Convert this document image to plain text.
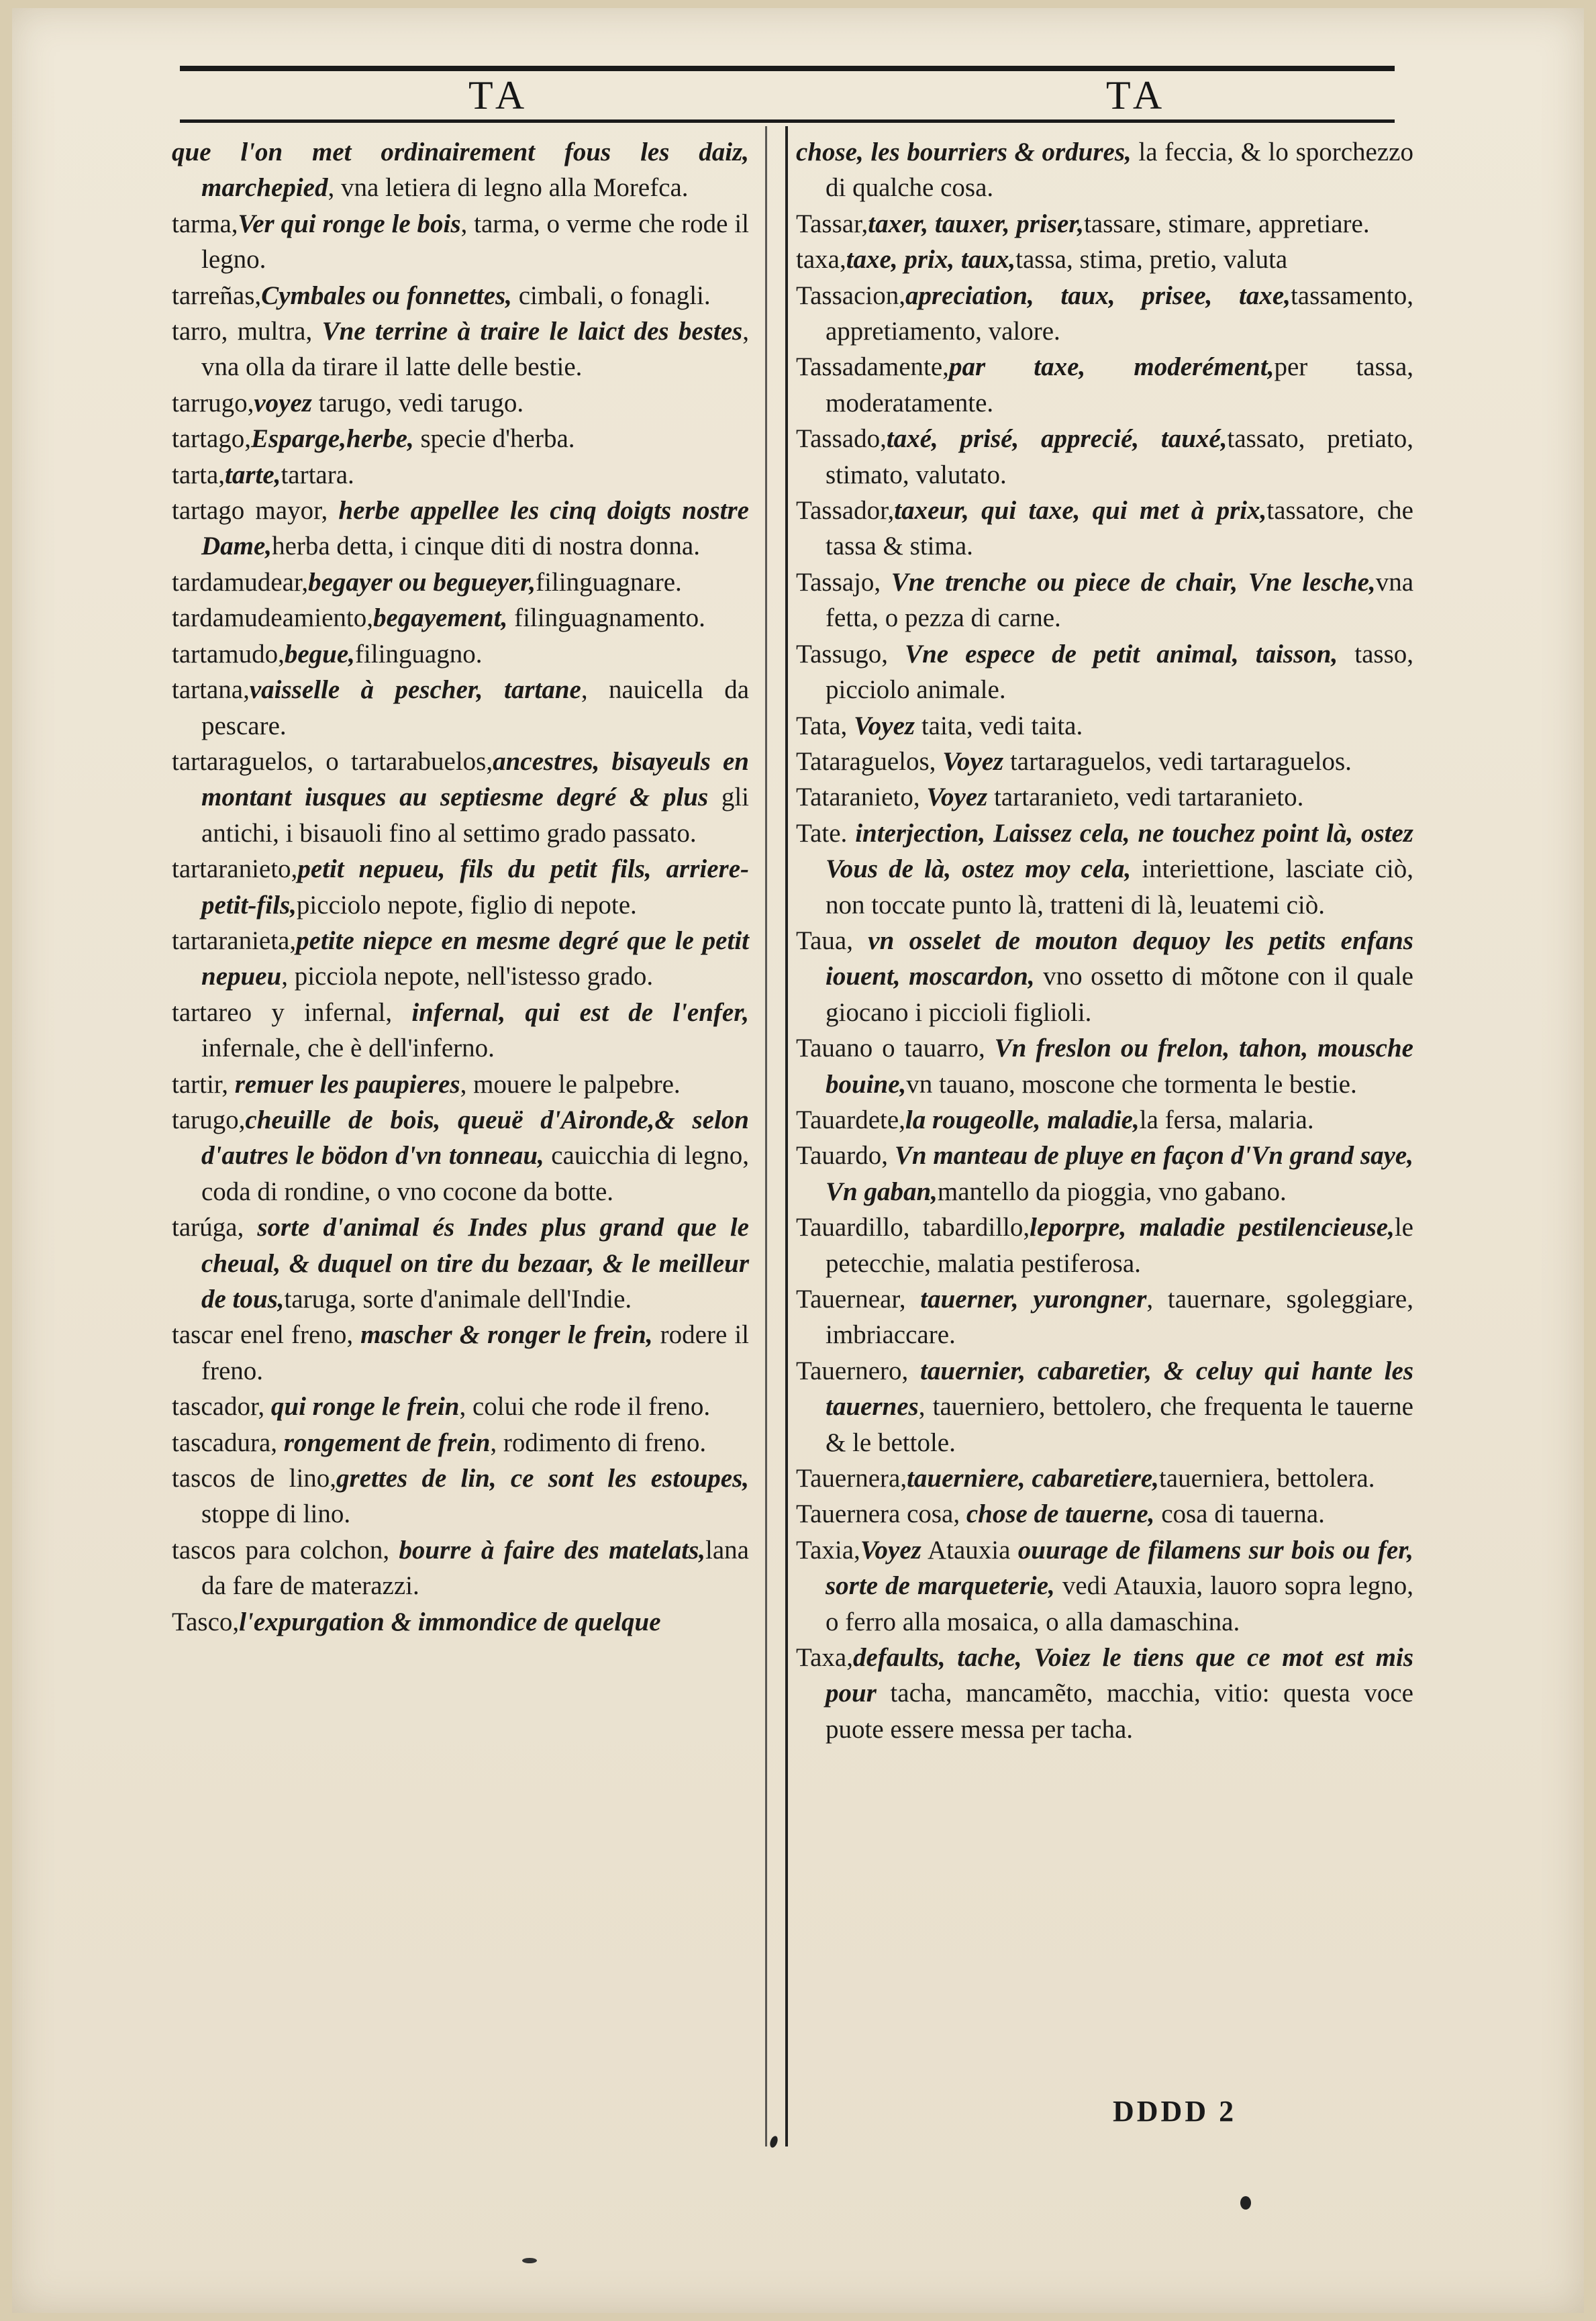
TA	TA

que l'on met ordinairement fous les daiz, marchepied, vna letiera di legno alla Morefca.

tarma,Ver qui ronge le bois, tarma, o verme che rode il legno.

tarreñas,Cymbales ou fonnettes, cimbali, o fonagli.

tarro, multra, Vne terrine à traire le laict des bestes, vna olla da tirare il latte delle bestie.

tarrugo,voyez tarugo, vedi tarugo.

tartago,Esparge,herbe, specie d'herba.

tarta,tarte,tartara.

tartago mayor, herbe appellee les cinq doigts nostre Dame,herba detta, i cinque diti di nostra donna.

tardamudear,begayer ou begueyer,filinguagnare.

tardamudeamiento,begayement, filinguagnamento.

tartamudo,begue,filinguagno.

tartana,vaisselle à pescher, tartane, nauicella da pescare.

tartaraguelos, o tartarabuelos,ancestres, bisayeuls en montant iusques au septiesme degré & plus gli antichi, i bisauoli fino al settimo grado passato.

tartaranieto,petit nepueu, fils du petit fils, arriere-petit-fils,picciolo nepote, figlio di nepote.

tartaranieta,petite niepce en mesme degré que le petit nepueu, picciola nepote, nell'istesso grado.

tartareo y infernal, infernal, qui est de l'enfer, infernale, che è dell'inferno.

tartir, remuer les paupieres, mouere le palpebre.

tarugo,cheuille de bois, queuë d'Aironde,& selon d'autres le bödon d'vn tonneau, cauicchia di legno, coda di rondine, o vno cocone da botte.

tarúga, sorte d'animal és Indes plus grand que le cheual, & duquel on tire du bezaar, & le meilleur de tous,taruga, sorte d'animale dell'Indie.

tascar enel freno, mascher & ronger le frein, rodere il freno.

tascador, qui ronge le frein, colui che rode il freno.

tascadura, rongement de frein, rodimento di freno.

tascos de lino,grettes de lin, ce sont les estoupes, stoppe di lino.

tascos para colchon, bourre à faire des matelats,lana da fare de materazzi.

Tasco,l'expurgation & immondice de quelque

chose, les bourriers & ordures, la feccia, & lo sporchezzo di qualche cosa.

Tassar,taxer, tauxer, priser,tassare, stimare, appretiare.

taxa,taxe, prix, taux,tassa, stima, pretio, valuta

Tassacion,apreciation, taux, prisee, taxe,tassamento, appretiamento, valore.

Tassadamente,par taxe, moderément,per tassa, moderatamente.

Tassado,taxé, prisé, apprecié, tauxé,tassato, pretiato, stimato, valutato.

Tassador,taxeur, qui taxe, qui met à prix,tassatore, che tassa & stima.

Tassajo, Vne trenche ou piece de chair, Vne lesche,vna fetta, o pezza di carne.

Tassugo, Vne espece de petit animal, taisson, tasso, picciolo animale.

Tata, Voyez taita, vedi taita.

Tataraguelos, Voyez tartaraguelos, vedi tartaraguelos.

Tataranieto, Voyez tartaranieto, vedi tartaranieto.

Tate. interjection, Laissez cela, ne touchez point là, ostez Vous de là, ostez moy cela, interiettione, lasciate ciò, non toccate punto là, tratteni di là, leuatemi ciò.

Taua, vn osselet de mouton dequoy les petits enfans iouent, moscardon, vno ossetto di mõtone con il quale giocano i piccioli figlioli.

Tauano o tauarro, Vn freslon ou frelon, tahon, mousche bouine,vn tauano, moscone che tormenta le bestie.

Tauardete,la rougeolle, maladie,la fersa, malaria.

Tauardo, Vn manteau de pluye en façon d'Vn grand saye, Vn gaban,mantello da pioggia, vno gabano.

Tauardillo, tabardillo,leporpre, maladie pestilencieuse,le petecchie, malatia pestiferosa.

Tauernear, tauerner, yurongner, tauernare, sgoleggiare, imbriaccare.

Tauernero, tauernier, cabaretier, & celuy qui hante les tauernes, tauerniero, bettolero, che frequenta le tauerne & le bettole.

Tauernera,tauerniere, cabaretiere,tauerniera, bettolera.

Tauernera cosa, chose de tauerne, cosa di tauerna.

Taxia,Voyez Atauxia ouurage de filamens sur bois ou fer, sorte de marqueterie, vedi Atauxia, lauoro sopra legno, o ferro alla mosaica, o alla damaschina.

Taxa,defaults, tache, Voiez le tiens que ce mot est mis pour tacha, mancamẽto, macchia, vitio: questa voce puote essere messa per tacha.

DDDD 2
